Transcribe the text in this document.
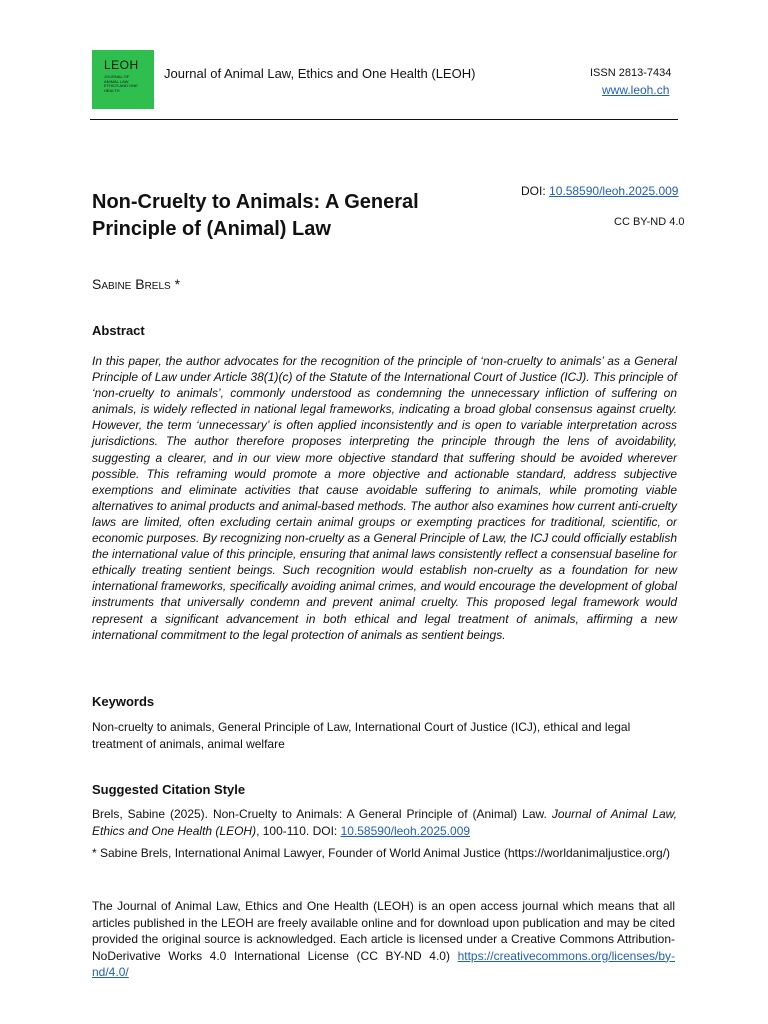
LEOH
JOURNAL OF ANIMAL LAW, ETHICS AND ONE HEALTH
Journal of Animal Law, Ethics and One Health (LEOH)	ISSN 2813-7434
www.leoh.ch
DOI: 10.58590/leoh.2025.009
CC BY-ND 4.0
Non-Cruelty to Animals: A General Principle of (Animal) Law
Sabine Brels *
Abstract
In this paper, the author advocates for the recognition of the principle of ‘non-cruelty to animals’ as a General Principle of Law under Article 38(1)(c) of the Statute of the International Court of Justice (ICJ). This principle of ‘non-cruelty to animals’, commonly understood as condemning the unnecessary infliction of suffering on animals, is widely reflected in national legal frameworks, indicating a broad global consensus against cruelty. However, the term ‘unnecessary’ is often applied inconsistently and is open to variable interpretation across jurisdictions. The author therefore proposes interpreting the principle through the lens of avoidability, suggesting a clearer, and in our view more objective standard that suffering should be avoided wherever possible. This reframing would promote a more objective and actionable standard, address subjective exemptions and eliminate activities that cause avoidable suffering to animals, while promoting viable alternatives to animal products and animal-based methods. The author also examines how current anti-cruelty laws are limited, often excluding certain animal groups or exempting practices for traditional, scientific, or economic purposes. By recognizing non-cruelty as a General Principle of Law, the ICJ could officially establish the international value of this principle, ensuring that animal laws consistently reflect a consensual baseline for ethically treating sentient beings. Such recognition would establish non-cruelty as a foundation for new international frameworks, specifically avoiding animal crimes, and would encourage the development of global instruments that universally condemn and prevent animal cruelty. This proposed legal framework would represent a significant advancement in both ethical and legal treatment of animals, affirming a new international commitment to the legal protection of animals as sentient beings.
Keywords
Non-cruelty to animals, General Principle of Law, International Court of Justice (ICJ), ethical and legal treatment of animals, animal welfare
Suggested Citation Style
Brels, Sabine (2025). Non-Cruelty to Animals: A General Principle of (Animal) Law. Journal of Animal Law, Ethics and One Health (LEOH), 100-110. DOI: 10.58590/leoh.2025.009
* Sabine Brels, International Animal Lawyer, Founder of World Animal Justice (https://worldanimaljustice.org/)
The Journal of Animal Law, Ethics and One Health (LEOH) is an open access journal which means that all articles published in the LEOH are freely available online and for download upon publication and may be cited provided the original source is acknowledged. Each article is licensed under a Creative Commons Attribution-NoDerivative Works 4.0 International License (CC BY-ND 4.0) https://creativecommons.org/licenses/by-nd/4.0/
